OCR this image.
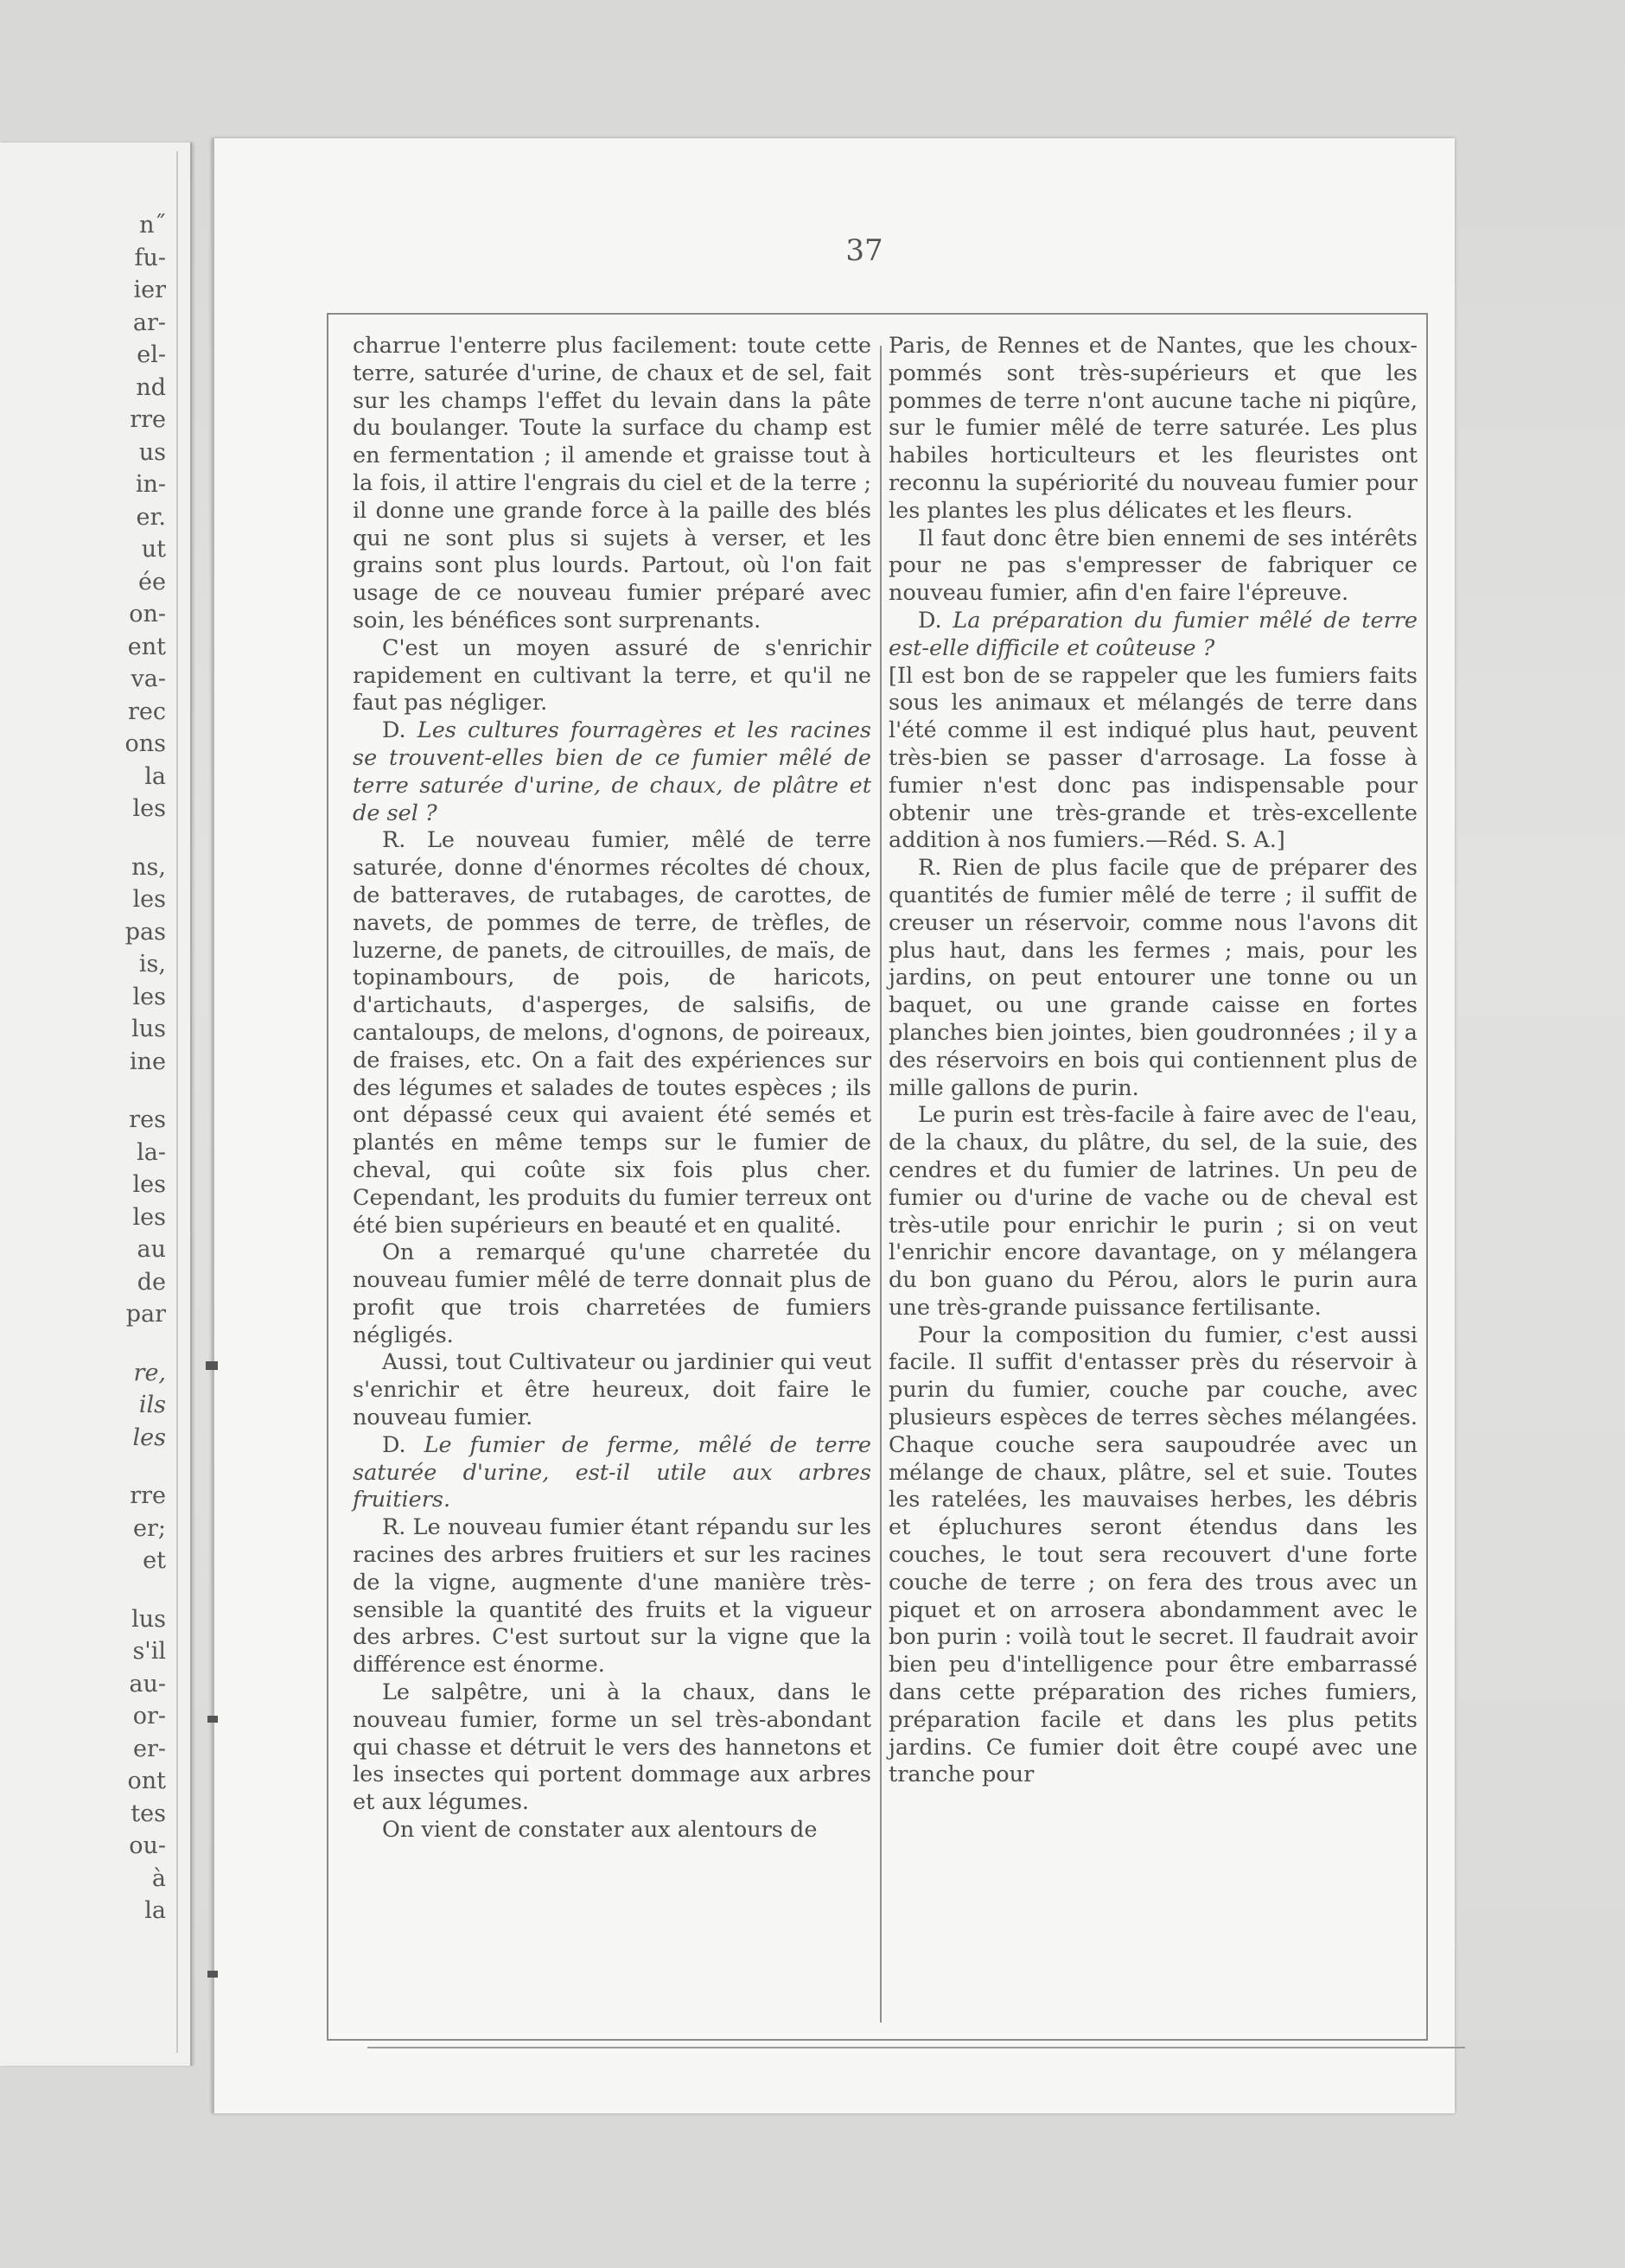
n˝
fu-
ier
ar-
el-
nd
rre
us
in-
er.
ut
ée
on-
ent
va-
rec
ons
la
les
ns,
les
pas
is,
les
lus
ine
res
la-
les
les
au
de
par
re,
ils
les
rre
er;
et
lus
s'il
au-
or-
er-
ont
tes
ou-
à
la
37

charrue l'enterre plus facilement: toute cette terre, saturée d'urine, de chaux et de sel, fait sur les champs l'effet du levain dans la pâte du boulanger. Toute la surface du champ est en fermentation ; il amende et graisse tout à la fois, il attire l'engrais du ciel et de la terre ; il donne une grande force à la paille des blés qui ne sont plus si sujets à verser, et les grains sont plus lourds. Partout, où l'on fait usage de ce nouveau fumier préparé avec soin, les bénéfices sont surprenants.

C'est un moyen assuré de s'enrichir rapidement en cultivant la terre, et qu'il ne faut pas négliger.

D. Les cultures fourragères et les racines se trouvent-elles bien de ce fumier mêlé de terre saturée d'urine, de chaux, de plâtre et de sel ?

R. Le nouveau fumier, mêlé de terre saturée, donne d'énormes récoltes dé choux, de batteraves, de rutabages, de carottes, de navets, de pommes de terre, de trèfles, de luzerne, de panets, de citrouilles, de maïs, de topinambours, de pois, de haricots, d'artichauts, d'asperges, de salsifis, de cantaloups, de melons, d'ognons, de poireaux, de fraises, etc. On a fait des expériences sur des légumes et salades de toutes espèces ; ils ont dépassé ceux qui avaient été semés et plantés en même temps sur le fumier de cheval, qui coûte six fois plus cher. Cependant, les produits du fumier terreux ont été bien supérieurs en beauté et en qualité.

On a remarqué qu'une charretée du nouveau fumier mêlé de terre donnait plus de profit que trois charretées de fumiers négligés.

Aussi, tout Cultivateur ou jardinier qui veut s'enrichir et être heureux, doit faire le nouveau fumier.

D. Le fumier de ferme, mêlé de terre saturée d'urine, est-il utile aux arbres fruitiers.

R. Le nouveau fumier étant répandu sur les racines des arbres fruitiers et sur les racines de la vigne, augmente d'une manière très-sensible la quantité des fruits et la vigueur des arbres. C'est surtout sur la vigne que la différence est énorme.

Le salpêtre, uni à la chaux, dans le nouveau fumier, forme un sel très-abondant qui chasse et détruit le vers des hannetons et les insectes qui portent dommage aux arbres et aux légumes.

On vient de constater aux alentours de

Paris, de Rennes et de Nantes, que les choux-pommés sont très-supérieurs et que les pommes de terre n'ont aucune tache ni piqûre, sur le fumier mêlé de terre saturée. Les plus habiles horticulteurs et les fleuristes ont reconnu la supériorité du nouveau fumier pour les plantes les plus délicates et les fleurs.

Il faut donc être bien ennemi de ses intérêts pour ne pas s'empresser de fabriquer ce nouveau fumier, afin d'en faire l'épreuve.

D. La préparation du fumier mêlé de terre est-elle difficile et coûteuse ?

[Il est bon de se rappeler que les fumiers faits sous les animaux et mélangés de terre dans l'été comme il est indiqué plus haut, peuvent très-bien se passer d'arrosage. La fosse à fumier n'est donc pas indispensable pour obtenir une très-grande et très-excellente addition à nos fumiers.—Réd. S. A.]

R. Rien de plus facile que de préparer des quantités de fumier mêlé de terre ; il suffit de creuser un réservoir, comme nous l'avons dit plus haut, dans les fermes ; mais, pour les jardins, on peut entourer une tonne ou un baquet, ou une grande caisse en fortes planches bien jointes, bien goudronnées ; il y a des réservoirs en bois qui contiennent plus de mille gallons de purin.

Le purin est très-facile à faire avec de l'eau, de la chaux, du plâtre, du sel, de la suie, des cendres et du fumier de latrines. Un peu de fumier ou d'urine de vache ou de cheval est très-utile pour enrichir le purin ; si on veut l'enrichir encore davantage, on y mélangera du bon guano du Pérou, alors le purin aura une très-grande puissance fertilisante.

Pour la composition du fumier, c'est aussi facile. Il suffit d'entasser près du réservoir à purin du fumier, couche par couche, avec plusieurs espèces de terres sèches mélangées. Chaque couche sera saupoudrée avec un mélange de chaux, plâtre, sel et suie. Toutes les ratelées, les mauvaises herbes, les débris et épluchures seront étendus dans les couches, le tout sera recouvert d'une forte couche de terre ; on fera des trous avec un piquet et on arrosera abondamment avec le bon purin : voilà tout le secret. Il faudrait avoir bien peu d'intelligence pour être embarrassé dans cette préparation des riches fumiers, préparation facile et dans les plus petits jardins. Ce fumier doit être coupé avec une tranche pour
